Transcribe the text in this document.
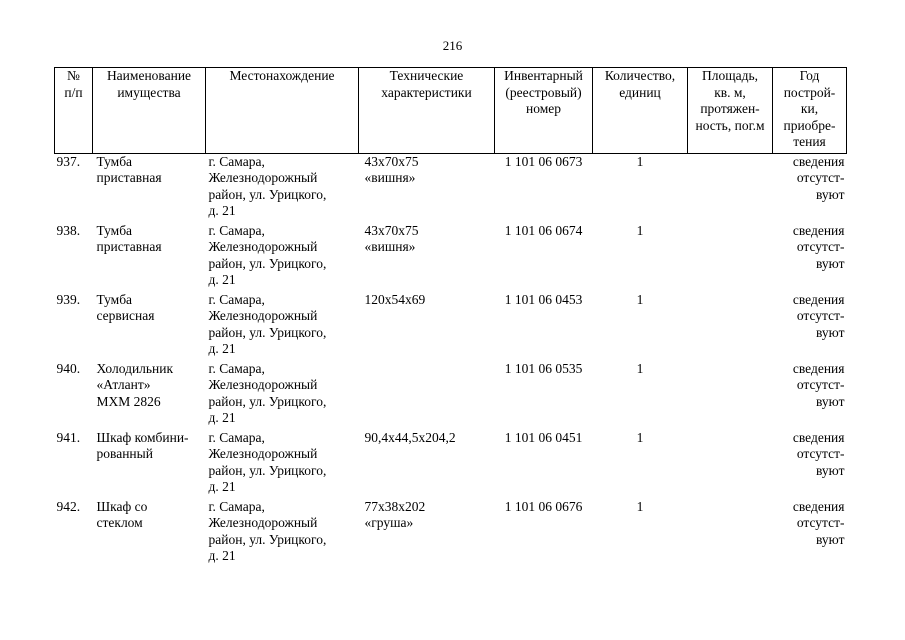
216
№
п/п	Наименование
имущества	Местонахождение	Технические
характеристики	Инвентарный
(реестровый)
номер	Количество,
единиц	Площадь,
кв. м,
протяжен-
ность, пог.м	Год
построй-
ки,
приобре-
тения
937.	Тумба
приставная	г. Самара,
Железнодорожный
район, ул. Урицкого,
д. 21	43х70х75
«вишня»	1 101 06 0673	1		сведения
отсутст-
вуют
938.	Тумба
приставная	г. Самара,
Железнодорожный
район, ул. Урицкого,
д. 21	43х70х75
«вишня»	1 101 06 0674	1		сведения
отсутст-
вуют
939.	Тумба
сервисная	г. Самара,
Железнодорожный
район, ул. Урицкого,
д. 21	120х54х69	1 101 06 0453	1		сведения
отсутст-
вуют
940.	Холодильник
«Атлант»
МХМ 2826	г. Самара,
Железнодорожный
район, ул. Урицкого,
д. 21		1 101 06 0535	1		сведения
отсутст-
вуют
941.	Шкаф комбини-
рованный	г. Самара,
Железнодорожный
район, ул. Урицкого,
д. 21	90,4х44,5х204,2	1 101 06 0451	1		сведения
отсутст-
вуют
942.	Шкаф со
стеклом	г. Самара,
Железнодорожный
район, ул. Урицкого,
д. 21	77х38х202
«груша»	1 101 06 0676	1		сведения
отсутст-
вуют
